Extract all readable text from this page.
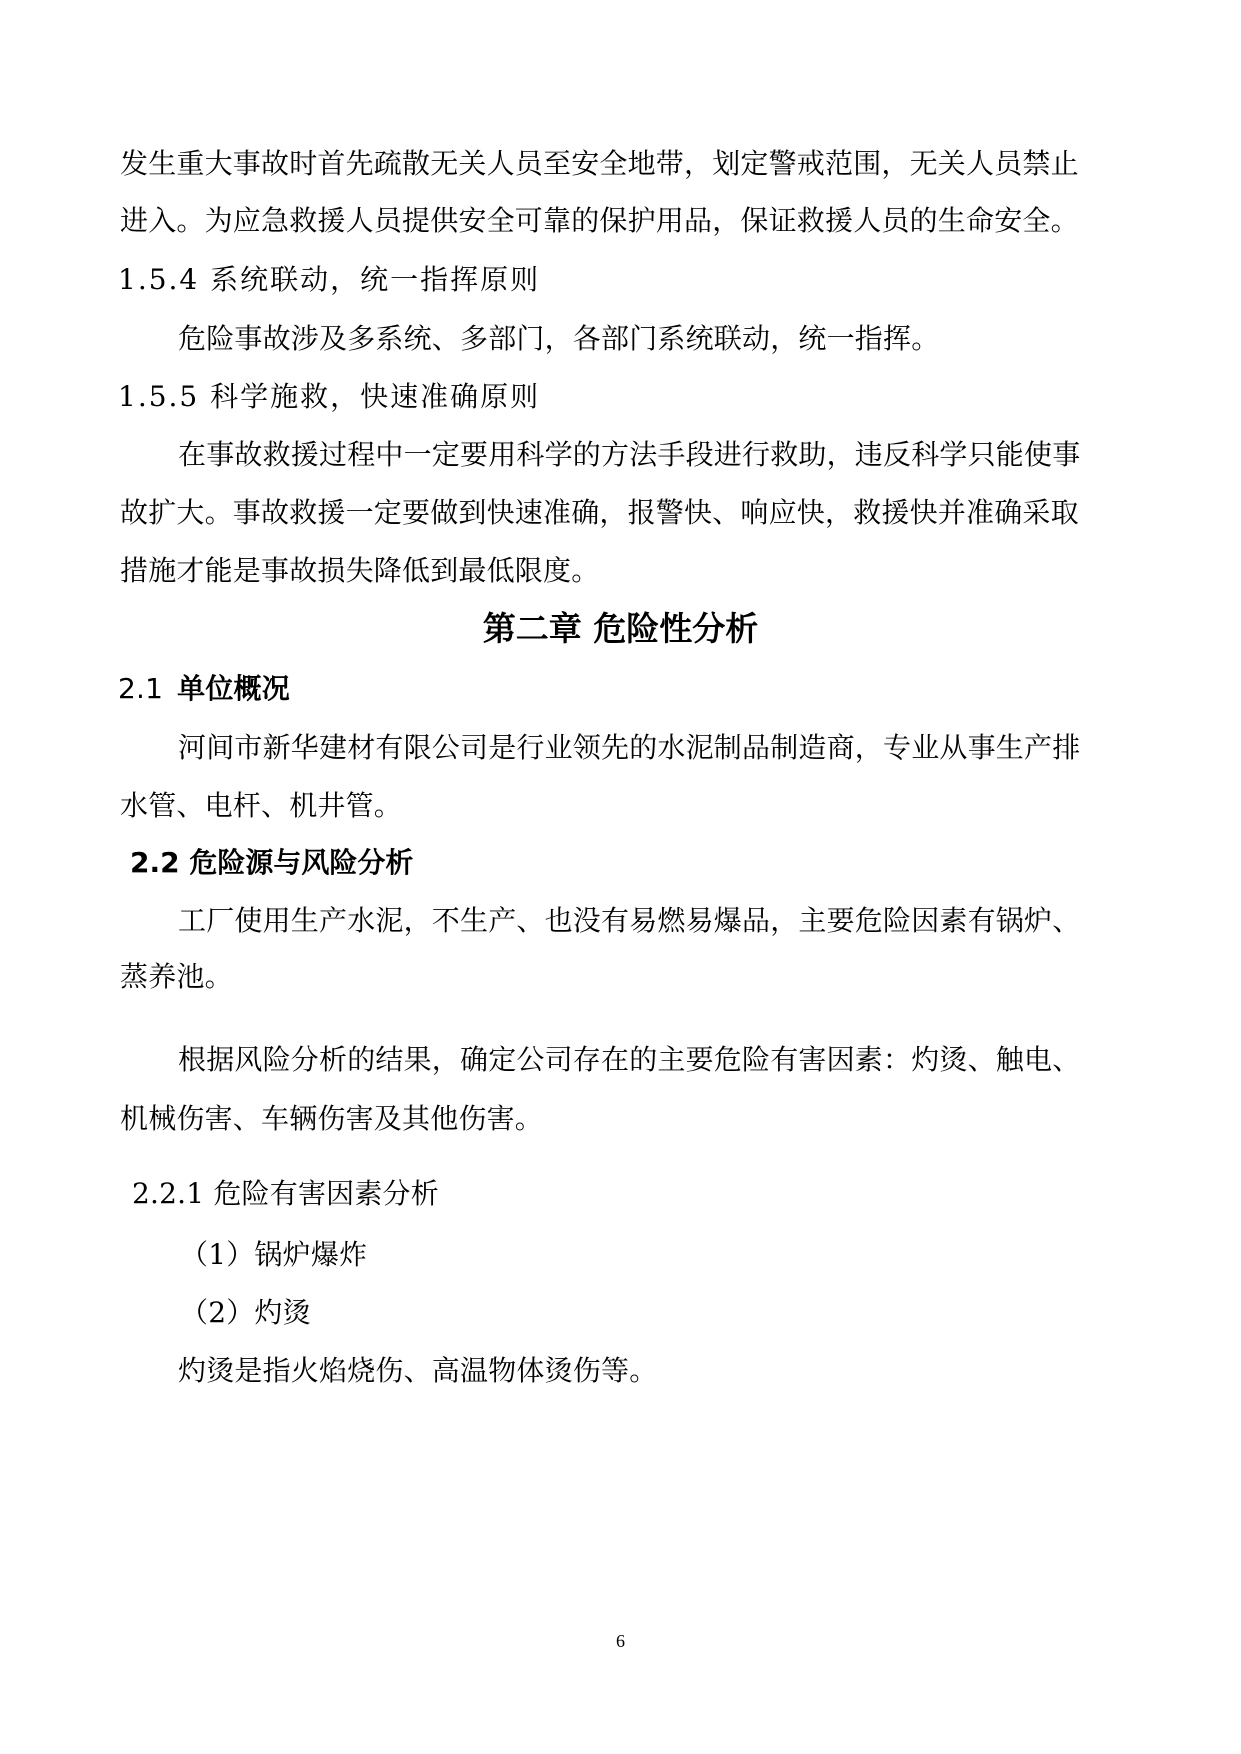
发生重大事故时首先疏散无关人员至安全地带，划定警戒范围，无关人员禁止
进入。为应急救援人员提供安全可靠的保护用品，保证救援人员的生命安全。
1.5.4 系统联动，统一指挥原则
危险事故涉及多系统、多部门，各部门系统联动，统一指挥。
1.5.5 科学施救，快速准确原则
在事故救援过程中一定要用科学的方法手段进行救助，违反科学只能使事
故扩大。事故救援一定要做到快速准确，报警快、响应快，救援快并准确采取
措施才能是事故损失降低到最低限度。
第二章 危险性分析
2.1 单位概况
河间市新华建材有限公司是行业领先的水泥制品制造商，专业从事生产排
水管、电杆、机井管。
2.2 危险源与风险分析
工厂使用生产水泥，不生产、也没有易燃易爆品，主要危险因素有锅炉、
蒸养池。
根据风险分析的结果，确定公司存在的主要危险有害因素：灼烫、触电、
机械伤害、车辆伤害及其他伤害。
2.2.1 危险有害因素分析
（1）锅炉爆炸
（2）灼烫
灼烫是指火焰烧伤、高温物体烫伤等。
6
